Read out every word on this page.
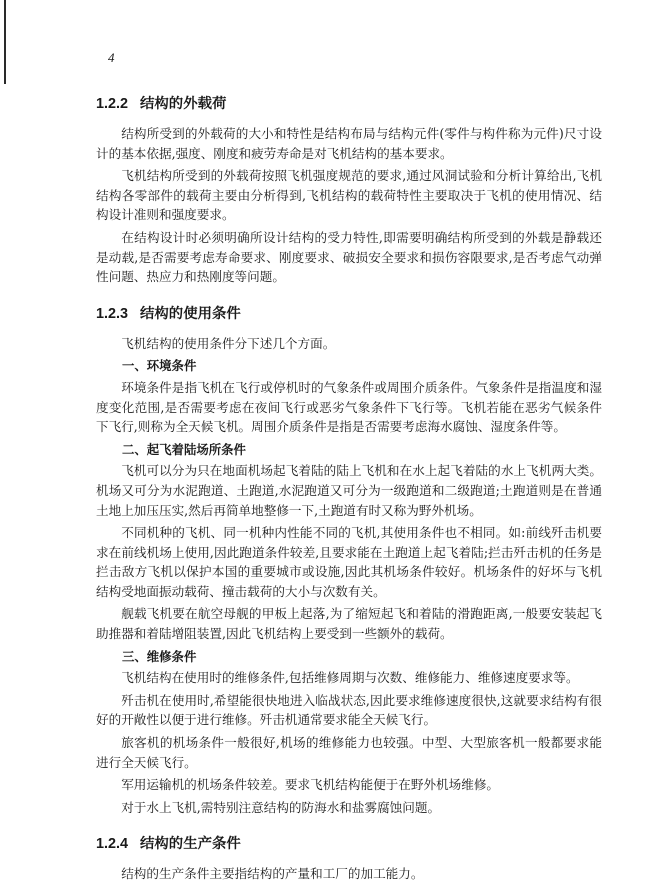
4
1.2.2 结构的外载荷

结构所受到的外载荷的大小和特性是结构布局与结构元件(零件与构件称为元件)尺寸设计的基本依据,强度、刚度和疲劳寿命是对飞机结构的基本要求。

飞机结构所受到的外载荷按照飞机强度规范的要求,通过风洞试验和分析计算给出,飞机结构各零部件的载荷主要由分析得到,飞机结构的载荷特性主要取决于飞机的使用情况、结构设计准则和强度要求。

在结构设计时必须明确所设计结构的受力特性,即需要明确结构所受到的外载是静载还是动载,是否需要考虑寿命要求、刚度要求、破损安全要求和损伤容限要求,是否考虑气动弹性问题、热应力和热刚度等问题。

1.2.3 结构的使用条件

飞机结构的使用条件分下述几个方面。

一、环境条件

环境条件是指飞机在飞行或停机时的气象条件或周围介质条件。气象条件是指温度和湿度变化范围,是否需要考虑在夜间飞行或恶劣气象条件下飞行等。飞机若能在恶劣气候条件下飞行,则称为全天候飞机。周围介质条件是指是否需要考虑海水腐蚀、湿度条件等。

二、起飞着陆场所条件

飞机可以分为只在地面机场起飞着陆的陆上飞机和在水上起飞着陆的水上飞机两大类。机场又可分为水泥跑道、土跑道,水泥跑道又可分为一级跑道和二级跑道;土跑道则是在普通土地上加压压实,然后再简单地整修一下,土跑道有时又称为野外机场。

不同机种的飞机、同一机种内性能不同的飞机,其使用条件也不相同。如:前线歼击机要求在前线机场上使用,因此跑道条件较差,且要求能在土跑道上起飞着陆;拦击歼击机的任务是拦击敌方飞机以保护本国的重要城市或设施,因此其机场条件较好。机场条件的好坏与飞机结构受地面振动载荷、撞击载荷的大小与次数有关。

舰载飞机要在航空母舰的甲板上起落,为了缩短起飞和着陆的滑跑距离,一般要安装起飞助推器和着陆增阻装置,因此飞机结构上要受到一些额外的载荷。

三、维修条件

飞机结构在使用时的维修条件,包括维修周期与次数、维修能力、维修速度要求等。

歼击机在使用时,希望能很快地进入临战状态,因此要求维修速度很快,这就要求结构有很好的开敞性以便于进行维修。歼击机通常要求能全天候飞行。

旅客机的机场条件一般很好,机场的维修能力也较强。中型、大型旅客机一般都要求能进行全天候飞行。

军用运输机的机场条件较差。要求飞机结构能便于在野外机场维修。

对于水上飞机,需特别注意结构的防海水和盐雾腐蚀问题。

1.2.4 结构的生产条件

结构的生产条件主要指结构的产量和工厂的加工能力。
